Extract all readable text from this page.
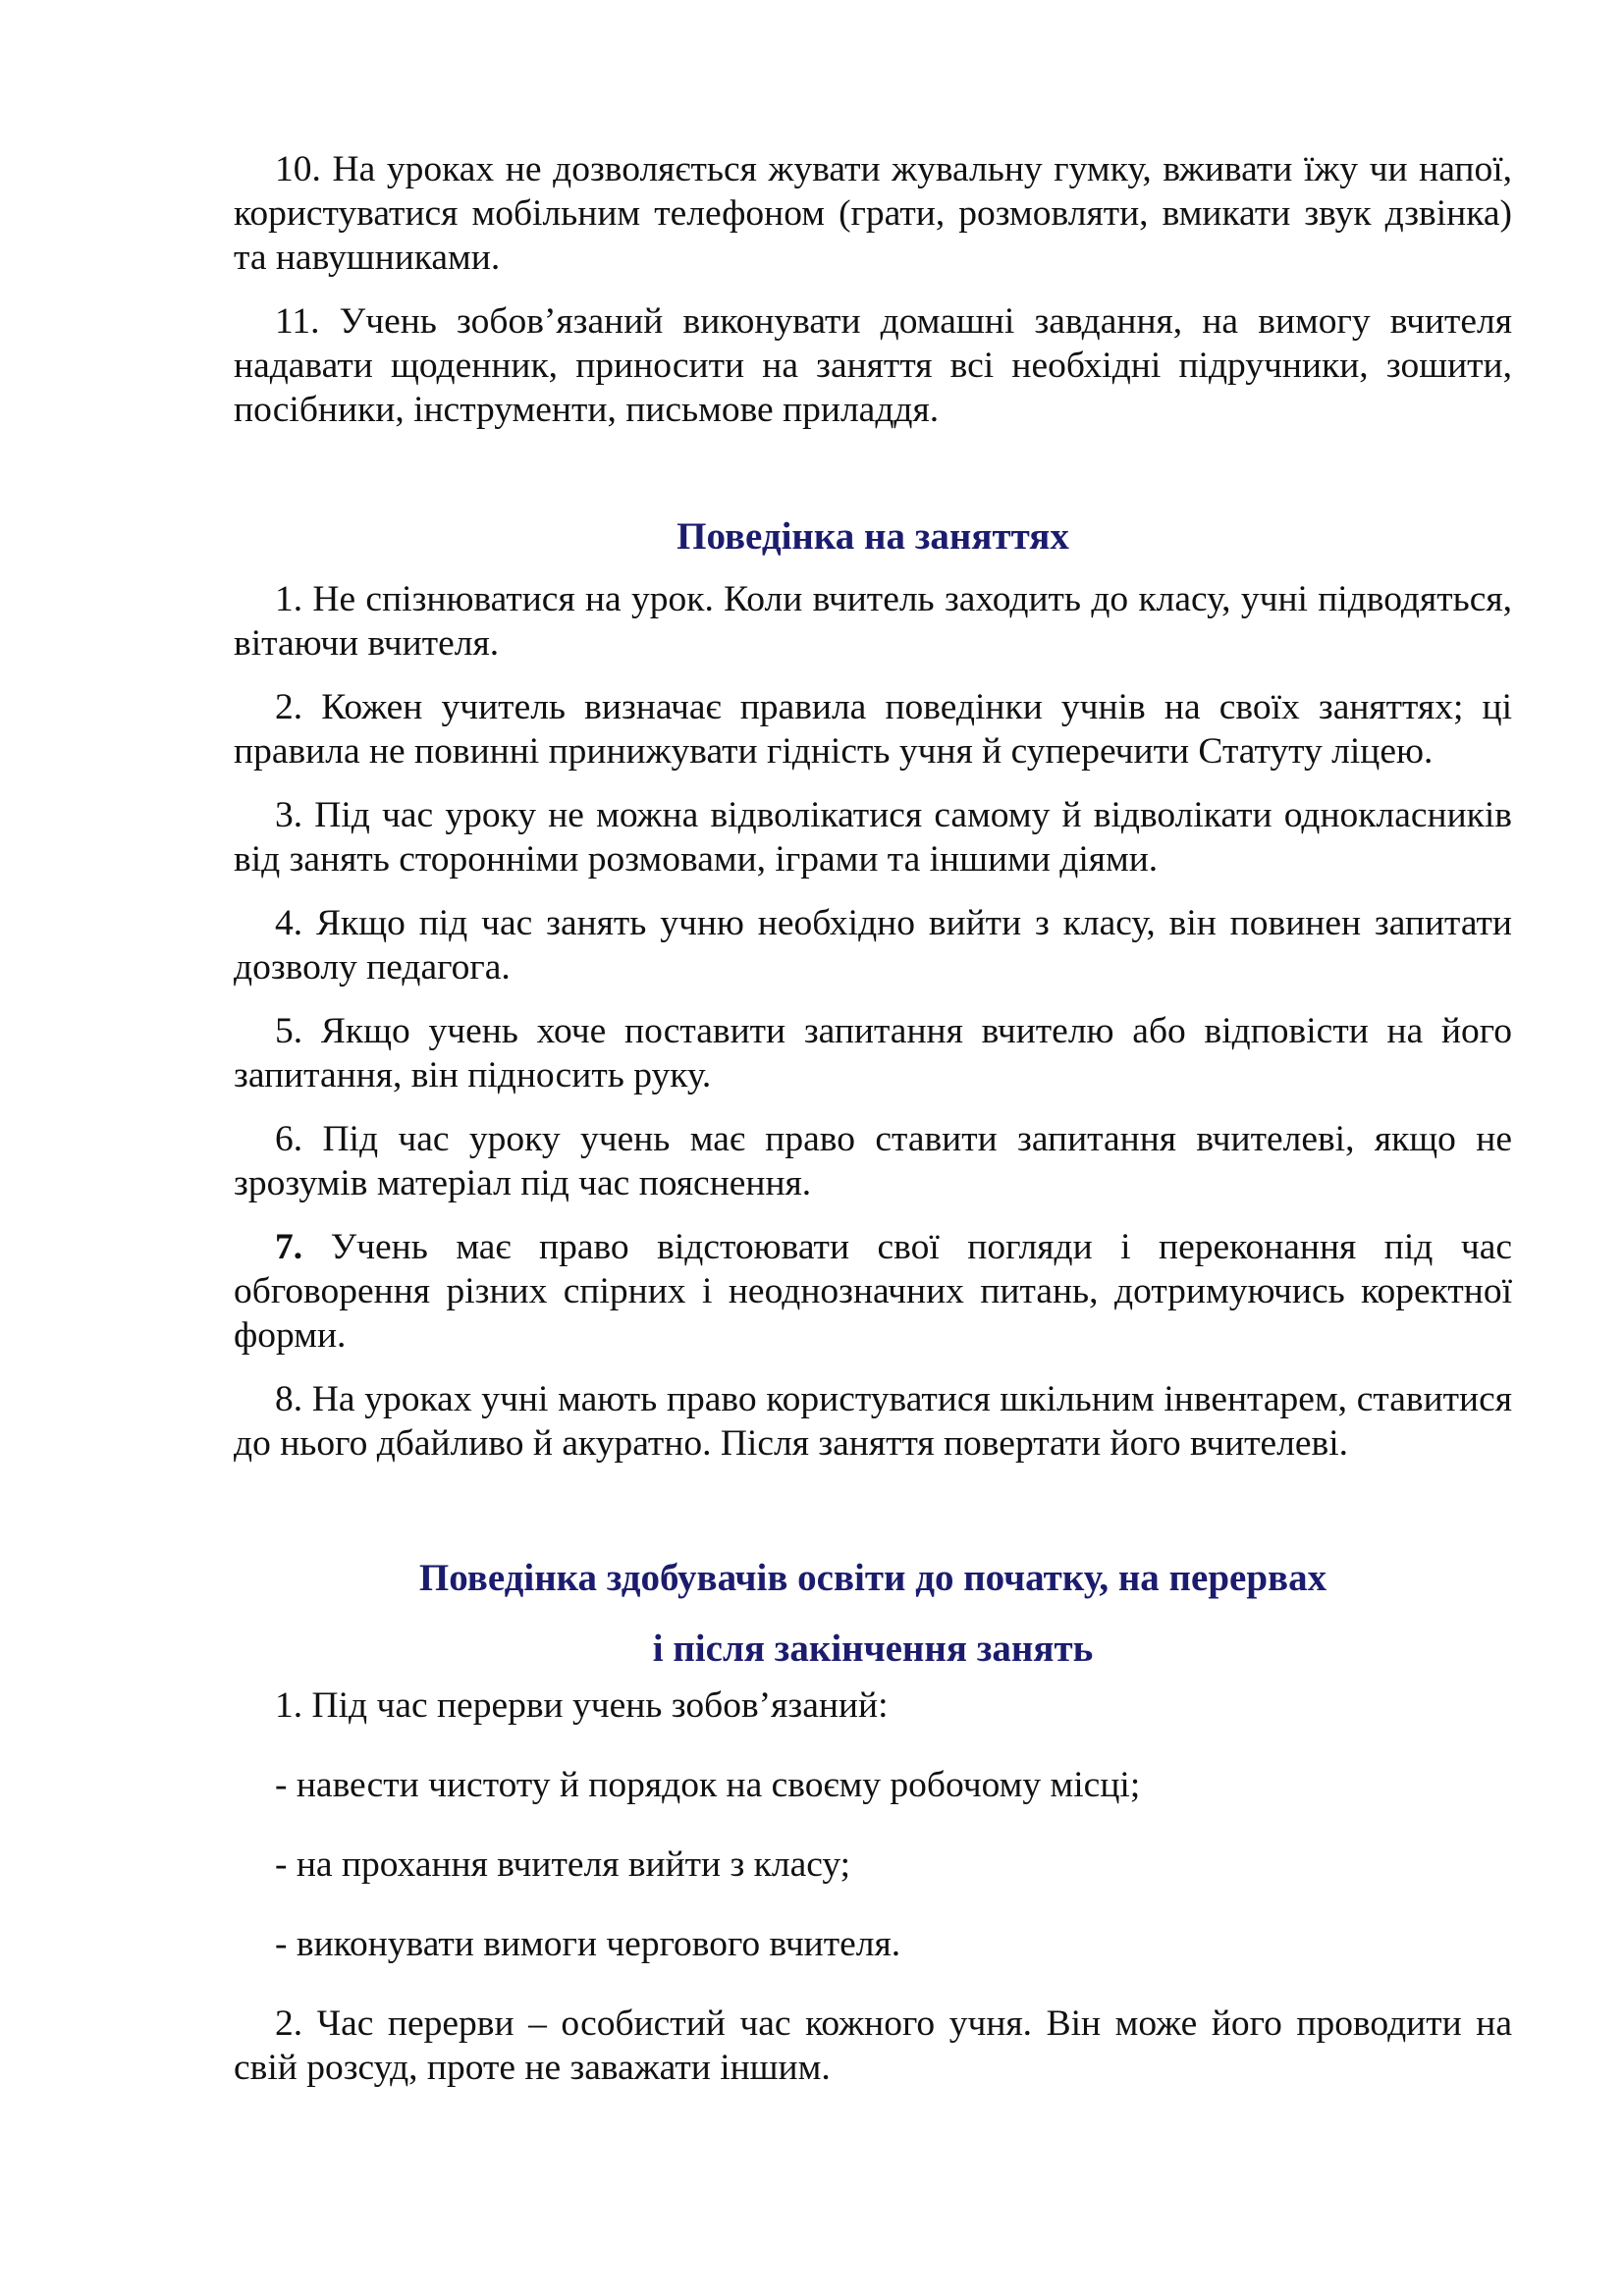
10. На уроках не дозволяється жувати жувальну гумку, вживати їжу чи напої, користуватися мобільним телефоном (грати, розмовляти, вмикати звук дзвінка) та навушниками.

11. Учень зобов’язаний виконувати домашні завдання, на вимогу вчителя надавати щоденник, приносити на заняття всі необхідні підручники, зошити, посібники, інструменти, письмове приладдя.

Поведінка на заняттях

1. Не спізнюватися на урок. Коли вчитель заходить до класу, учні підводяться, вітаючи вчителя.

2. Кожен учитель визначає правила поведінки учнів на своїх заняттях; ці правила не повинні принижувати гідність учня й суперечити Статуту ліцею.

3. Під час уроку не можна відволікатися самому й відволікати однокласників від занять сторонніми розмовами, іграми та іншими діями.

4. Якщо під час занять учню необхідно вийти з класу, він повинен запитати дозволу педагога.

5. Якщо учень хоче поставити запитання вчителю або відповісти на його запитання, він підносить руку.

6. Під час уроку учень має право ставити запитання вчителеві, якщо не зрозумів матеріал під час пояснення.

7. Учень має право відстоювати свої погляди і переконання під час обговорення різних спірних і неоднозначних питань, дотримуючись коректної форми.

8. На уроках учні мають право користуватися шкільним інвентарем, ставитися до нього дбайливо й акуратно. Після заняття повертати його вчителеві.

Поведінка здобувачів освіти до початку, на перервах
і після закінчення занять

1. Під час перерви учень зобов’язаний:

- навести чистоту й порядок на своєму робочому місці;

- на прохання вчителя вийти з класу;

- виконувати вимоги чергового вчителя.

2. Час перерви – особистий час кожного учня. Він може його проводити на свій розсуд, проте не заважати іншим.
